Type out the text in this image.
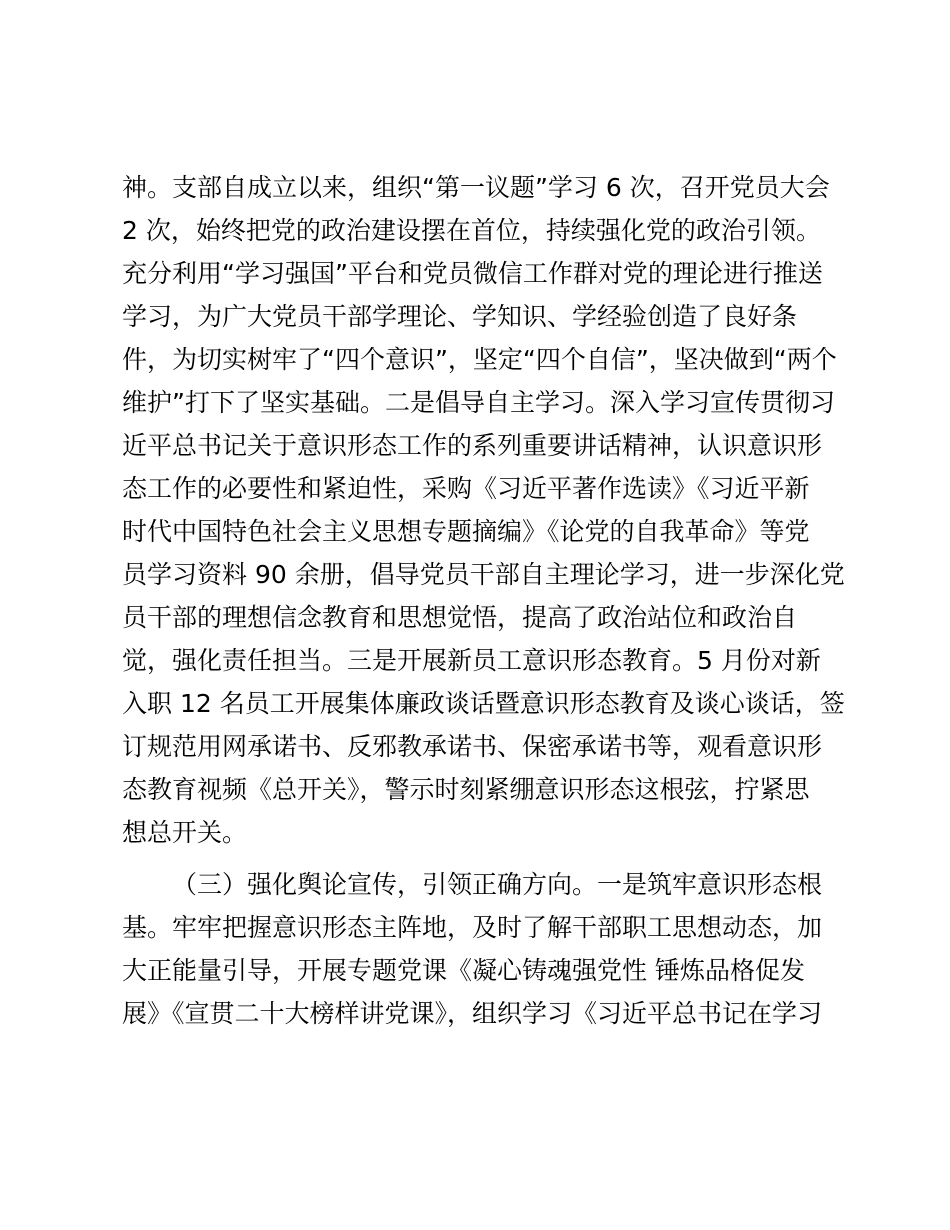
神。支部自成立以来，组织“第一议题”学习 6 次，召开党员大会
2 次，始终把党的政治建设摆在首位，持续强化党的政治引领。
充分利用“学习强国”平台和党员微信工作群对党的理论进行推送
学习，为广大党员干部学理论、学知识、学经验创造了良好条
件，为切实树牢了“四个意识”，坚定“四个自信”，坚决做到“两个
维护”打下了坚实基础。二是倡导自主学习。深入学习宣传贯彻习
近平总书记关于意识形态工作的系列重要讲话精神，认识意识形
态工作的必要性和紧迫性，采购《习近平著作选读》《习近平新
时代中国特色社会主义思想专题摘编》《论党的自我革命》等党
员学习资料 90 余册，倡导党员干部自主理论学习，进一步深化党
员干部的理想信念教育和思想觉悟，提高了政治站位和政治自
觉，强化责任担当。三是开展新员工意识形态教育。5 月份对新
入职 12 名员工开展集体廉政谈话暨意识形态教育及谈心谈话，签
订规范用网承诺书、反邪教承诺书、保密承诺书等，观看意识形
态教育视频《总开关》，警示时刻紧绷意识形态这根弦，拧紧思
想总开关。
（三）强化舆论宣传，引领正确方向。一是筑牢意识形态根
基。牢牢把握意识形态主阵地，及时了解干部职工思想动态，加
大正能量引导，开展专题党课《凝心铸魂强党性 锤炼品格促发
展》《宣贯二十大榜样讲党课》，组织学习《习近平总书记在学习
